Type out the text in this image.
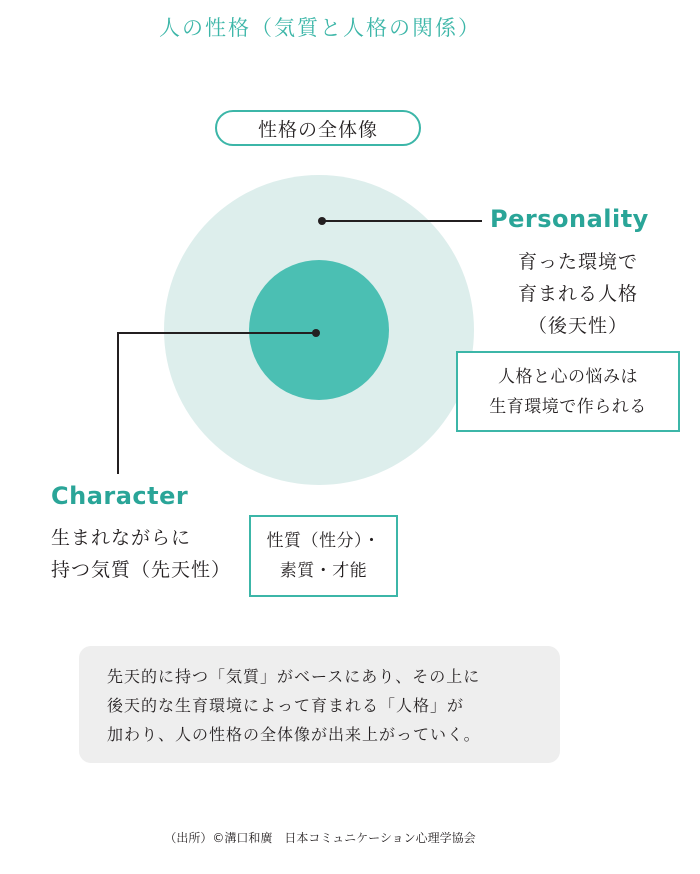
人の性格（気質と人格の関係）
性格の全体像
Personality
育った環境で
育まれる人格
（後天性）
人格と心の悩みは
生育環境で作られる
Character
生まれながらに
持つ気質（先天性）
性質（性分）・
素質・才能
先天的に持つ「気質」がベースにあり、その上に
後天的な生育環境によって育まれる「人格」が
加わり、人の性格の全体像が出来上がっていく。
（出所）©溝口和廣　日本コミュニケーション心理学協会
